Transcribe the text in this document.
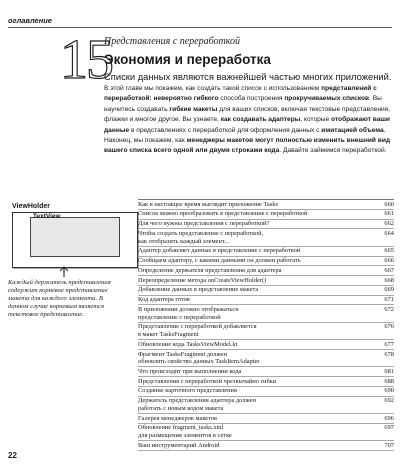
оглавление
15
Представления с переработкой
Экономия и переработка
Списки данных являются важнейшей частью многих приложений.
В этой главе мы покажем, как создать такой список с использованием представлений с переработкой: невероятно гибкого способа построения прокручиваемых списков. Вы научитесь создавать гибкие макеты для ваших списков, включая текстовые представления, флажки и многое другое. Вы узнаете, как создавать адаптеры, которые отображают ваши данные в представлениях с переработкой для оформления данных с имитацией объема. Наконец, мы покажем, как менеджеры макетов могут полностью изменить внешний вид вашего списка всего одной или двумя строками кода. Давайте займемся переработкой.
ViewHolder
TextView
Каждый держатель представления содержит корневое представление макета для каждого элемента. В данном случае корневым является текстовое представление.
Как в настоящее время выглядит приложение Tasks	660
Список можно преобразовать в представление с переработкой	661
Для чего нужны представления с переработкой?	662
Чтобы создать представление с переработкой,
как отобразить каждый элемент...
664
Адаптер добавляет данные в представление с переработкой	665
Сообщаем адаптеру, с какими данными он должен работать	666
Определение держателя представления для адаптера	667
Переопределение метода onCreateViewHolder()	668
Добавление данных в представление макета	669
Код адаптера готов	671
В приложении должно отображаться
представление с переработкой
672
Представление с переработкой добавляется
в макет TasksFragment
676
Обновление кода TasksViewModel.kt	677
Фрагмент TasksFragment должен
обновлять свойство данных TaskItemAdapter
678
Что происходит при выполнении кода	681
Представления с переработкой чрезвычайно гибки	688
Создание карточного представления	690
Держатель представления адаптера должен
работать с новым кодом макета
692
Галерея менеджеров макетов	696
Обновление fragment_tasks.xml
для размещения элементов в сетке
697
Ваш инструментарий Android	707
22
